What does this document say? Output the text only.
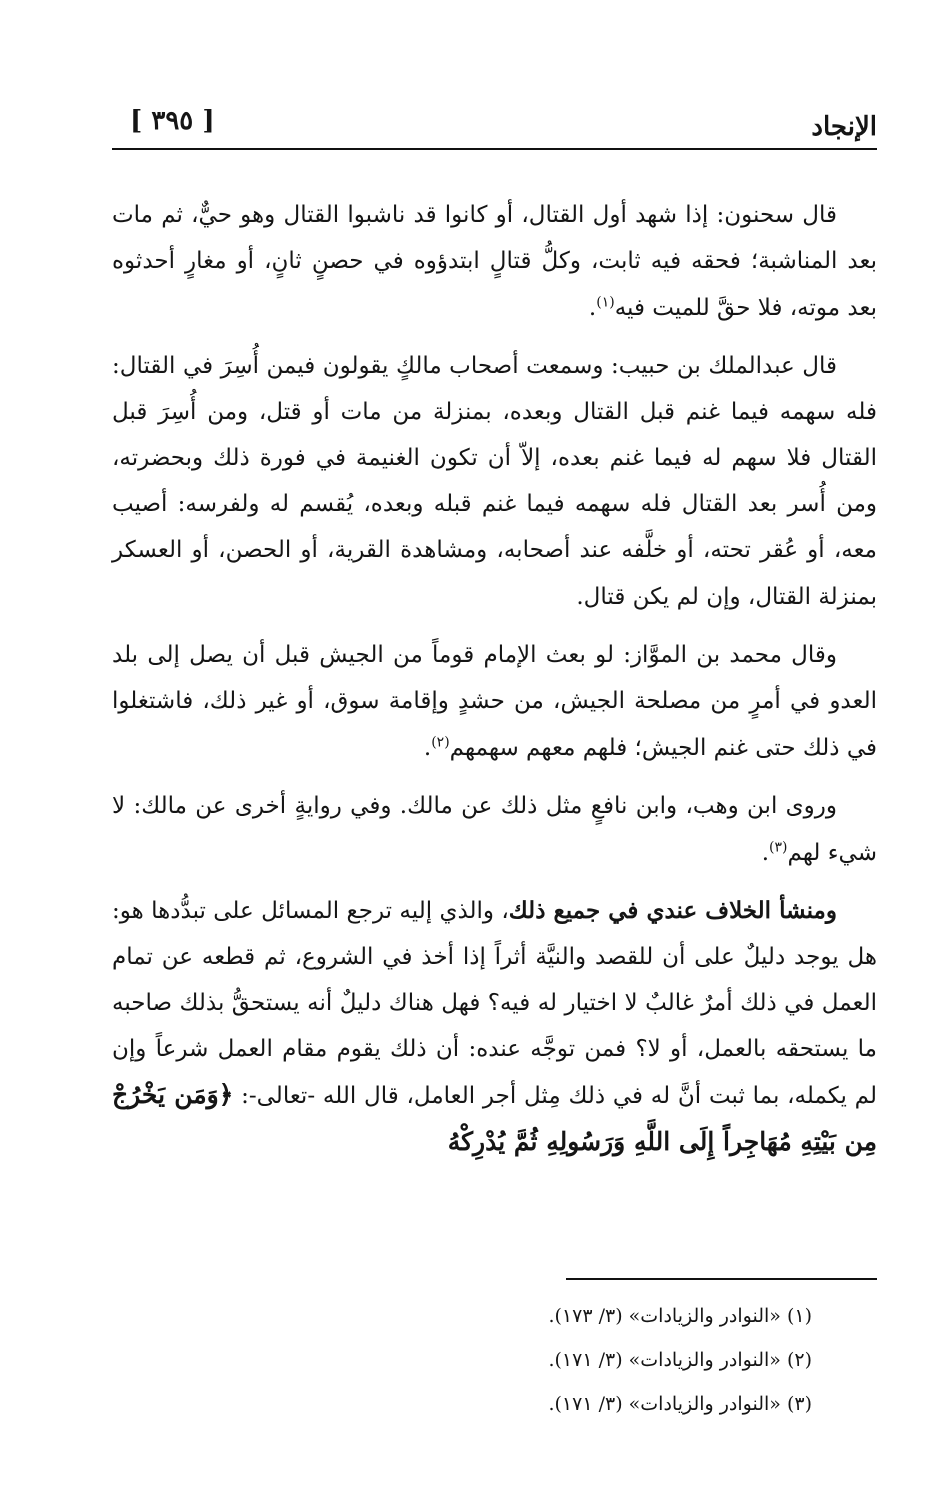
الإنجاد
[ ٣٩٥ ]

قال سحنون: إذا شهد أول القتال، أو كانوا قد ناشبوا القتال وهو حيٌّ، ثم مات بعد المناشبة؛ فحقه فيه ثابت، وكلُّ قتالٍ ابتدؤوه في حصنٍ ثانٍ، أو مغارٍ أحدثوه بعد موته، فلا حقَّ للميت فيه$^{(١)}$.

قال عبدالملك بن حبيب: وسمعت أصحاب مالكٍ يقولون فيمن أُسِرَ في القتال: فله سهمه فيما غنم قبل القتال وبعده، بمنزلة من مات أو قتل، ومن أُسِرَ قبل القتال فلا سهم له فيما غنم بعده، إلاّ أن تكون الغنيمة في فورة ذلك وبحضرته، ومن أُسر بعد القتال فله سهمه فيما غنم قبله وبعده، يُقسم له ولفرسه: أصيب معه، أو عُقر تحته، أو خلَّفه عند أصحابه، ومشاهدة القرية، أو الحصن، أو العسكر بمنزلة القتال، وإن لم يكن قتال.

وقال محمد بن الموَّاز: لو بعث الإمام قوماً من الجيش قبل أن يصل إلى بلد العدو في أمرٍ من مصلحة الجيش، من حشدٍ وإقامة سوق، أو غير ذلك، فاشتغلوا في ذلك حتى غنم الجيش؛ فلهم معهم سهمهم$^{(٢)}$.

وروى ابن وهب، وابن نافعٍ مثل ذلك عن مالك. وفي روايةٍ أخرى عن مالك: لا شيء لهم$^{(٣)}$.

ومنشأ الخلاف عندي في جميع ذلك، والذي إليه ترجع المسائل على تبدُّدها هو: هل يوجد دليلٌ على أن للقصد والنيَّة أثراً إذا أخذ في الشروع، ثم قطعه عن تمام العمل في ذلك أمرٌ غالبٌ لا اختيار له فيه؟ فهل هناك دليلٌ أنه يستحقُّ بذلك صاحبه ما يستحقه بالعمل، أو لا؟ فمن توجَّه عنده: أن ذلك يقوم مقام العمل شرعاً وإن لم يكمله، بما ثبت أنَّ له في ذلك مِثل أجر العامل، قال الله -تعالى-: ﴿وَمَن يَخْرُجْ مِن بَيْتِهِ مُهَاجِراً إِلَى اللَّهِ وَرَسُولِهِ ثُمَّ يُدْرِكْهُ

(١) «النوادر والزيادات» (٣/ ١٧٣).

(٢) «النوادر والزيادات» (٣/ ١٧١).

(٣) «النوادر والزيادات» (٣/ ١٧١).
